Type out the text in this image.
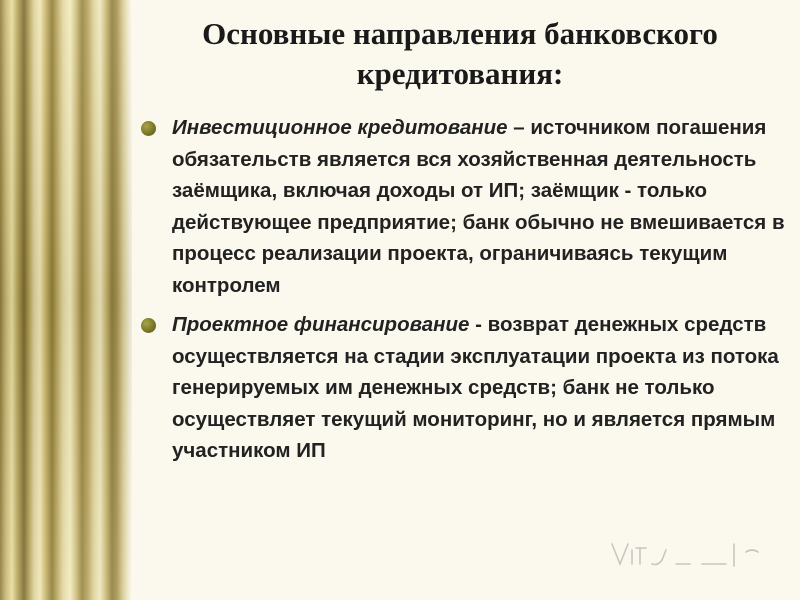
Основные направления банковского кредитования:
Инвестиционное кредитование – источником погашения обязательств является вся хозяйственная деятельность заёмщика, включая доходы от ИП; заёмщик - только действующее предприятие; банк обычно не вмешивается в процесс реализации проекта, ограничиваясь текущим контролем
Проектное финансирование - возврат денежных средств осуществляется на стадии эксплуатации проекта из потока генерируемых им денежных средств; банк не только осуществляет текущий мониторинг, но и является прямым участником ИП
